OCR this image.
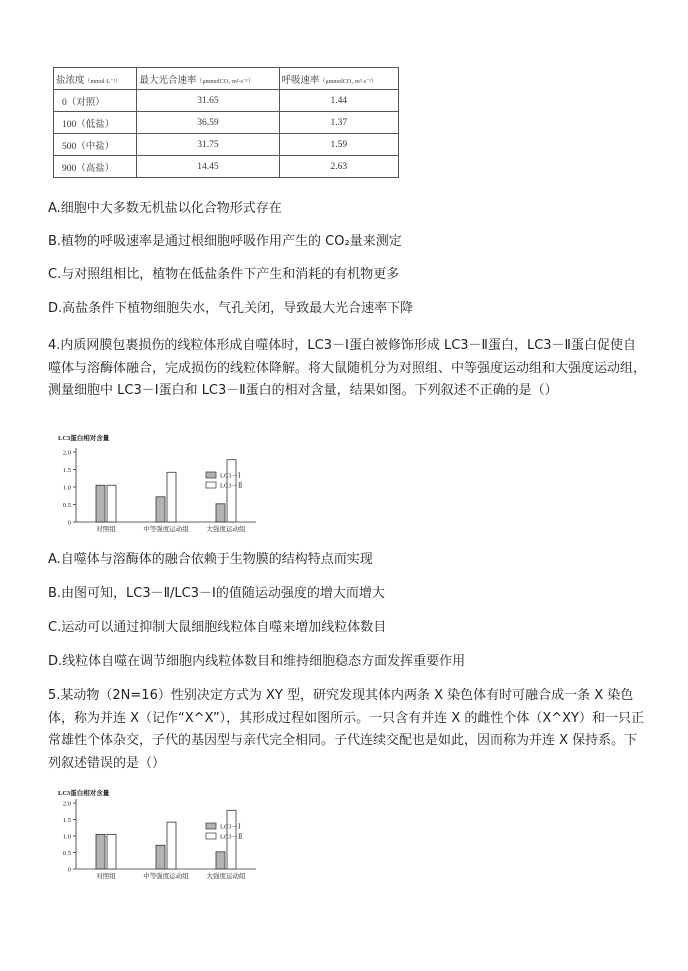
盐浓度（mmol·L⁻¹）	最大光合速率（μmmolCO₂·m²·s⁻¹）	呼吸速率（μmmolCO₂·m²·s⁻¹）
0（对照）	31.65	1.44
100（低盐）	36.59	1.37
500（中盐）	31.75	1.59
900（高盐）	14.45	2.63
A.细胞中大多数无机盐以化合物形式存在
B.植物的呼吸速率是通过根细胞呼吸作用产生的 CO₂量来测定
C.与对照组相比，植物在低盐条件下产生和消耗的有机物更多
D.高盐条件下植物细胞失水，气孔关闭，导致最大光合速率下降
4.内质网膜包裹损伤的线粒体形成自噬体时，LC3－Ⅰ蛋白被修饰形成 LC3－Ⅱ蛋白，LC3－Ⅱ蛋白促使自噬体与溶酶体融合，完成损伤的线粒体降解。将大鼠随机分为对照组、中等强度运动组和大强度运动组，测量细胞中 LC3－Ⅰ蛋白和 LC3－Ⅱ蛋白的相对含量，结果如图。下列叙述不正确的是（）
LC3蛋白相对含量
0
0.5
1.0
1.5
2.0
对照组	中等强度运动组	大强度运动组
LC3－Ⅰ
LC3－Ⅱ
A.自噬体与溶酶体的融合依赖于生物膜的结构特点而实现
B.由图可知，LC3－Ⅱ/LC3－Ⅰ的值随运动强度的增大而增大
C.运动可以通过抑制大鼠细胞线粒体自噬来增加线粒体数目
D.线粒体自噬在调节细胞内线粒体数目和维持细胞稳态方面发挥重要作用
5.某动物（2N=16）性别决定方式为 XY 型，研究发现其体内两条 X 染色体有时可融合成一条 X 染色体，称为并连 X（记作“X^X”），其形成过程如图所示。一只含有并连 X 的雌性个体（X^XY）和一只正常雄性个体杂交，子代的基因型与亲代完全相同。子代连续交配也是如此，因而称为并连 X 保持系。下列叙述错误的是（）
LC3蛋白相对含量
0
0.5
1.0
1.5
2.0
对照组	中等强度运动组	大强度运动组
LC3－Ⅰ
LC3－Ⅱ
